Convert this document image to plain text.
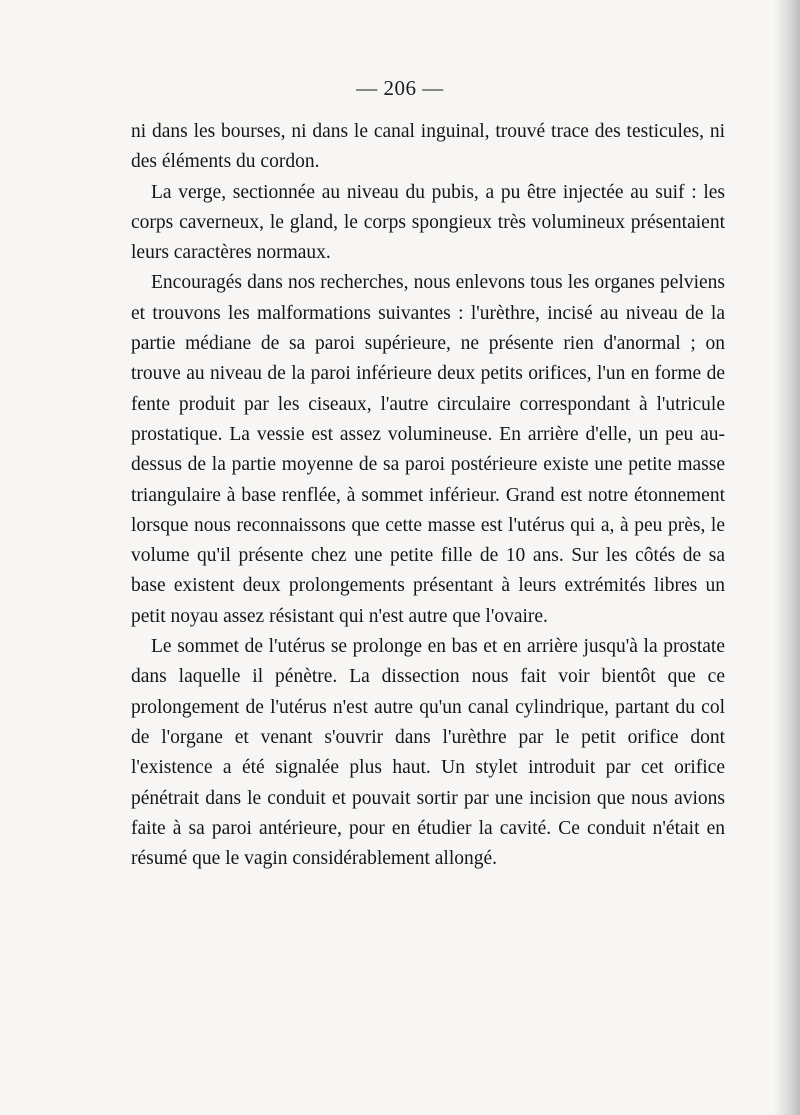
— 206 —

ni dans les bourses, ni dans le canal inguinal, trouvé trace des testicules, ni des éléments du cordon.

La verge, sectionnée au niveau du pubis, a pu être injectée au suif : les corps caverneux, le gland, le corps spongieux très volumineux présentaient leurs caractères normaux.

Encouragés dans nos recherches, nous enlevons tous les organes pelviens et trouvons les malformations suivantes : l'urèthre, incisé au niveau de la partie médiane de sa paroi supérieure, ne présente rien d'anormal ; on trouve au niveau de la paroi inférieure deux petits orifices, l'un en forme de fente produit par les ciseaux, l'autre circulaire correspondant à l'utricule prostatique. La vessie est assez volumineuse. En arrière d'elle, un peu au-dessus de la partie moyenne de sa paroi postérieure existe une petite masse triangulaire à base renflée, à sommet inférieur. Grand est notre étonnement lorsque nous reconnaissons que cette masse est l'utérus qui a, à peu près, le volume qu'il présente chez une petite fille de 10 ans. Sur les côtés de sa base existent deux prolongements présentant à leurs extrémités libres un petit noyau assez résistant qui n'est autre que l'ovaire.

Le sommet de l'utérus se prolonge en bas et en arrière jusqu'à la prostate dans laquelle il pénètre. La dissection nous fait voir bientôt que ce prolongement de l'utérus n'est autre qu'un canal cylindrique, partant du col de l'organe et venant s'ouvrir dans l'urèthre par le petit orifice dont l'existence a été signalée plus haut. Un stylet introduit par cet orifice pénétrait dans le conduit et pouvait sortir par une incision que nous avions faite à sa paroi antérieure, pour en étudier la cavité. Ce conduit n'était en résumé que le vagin considérablement allongé.
